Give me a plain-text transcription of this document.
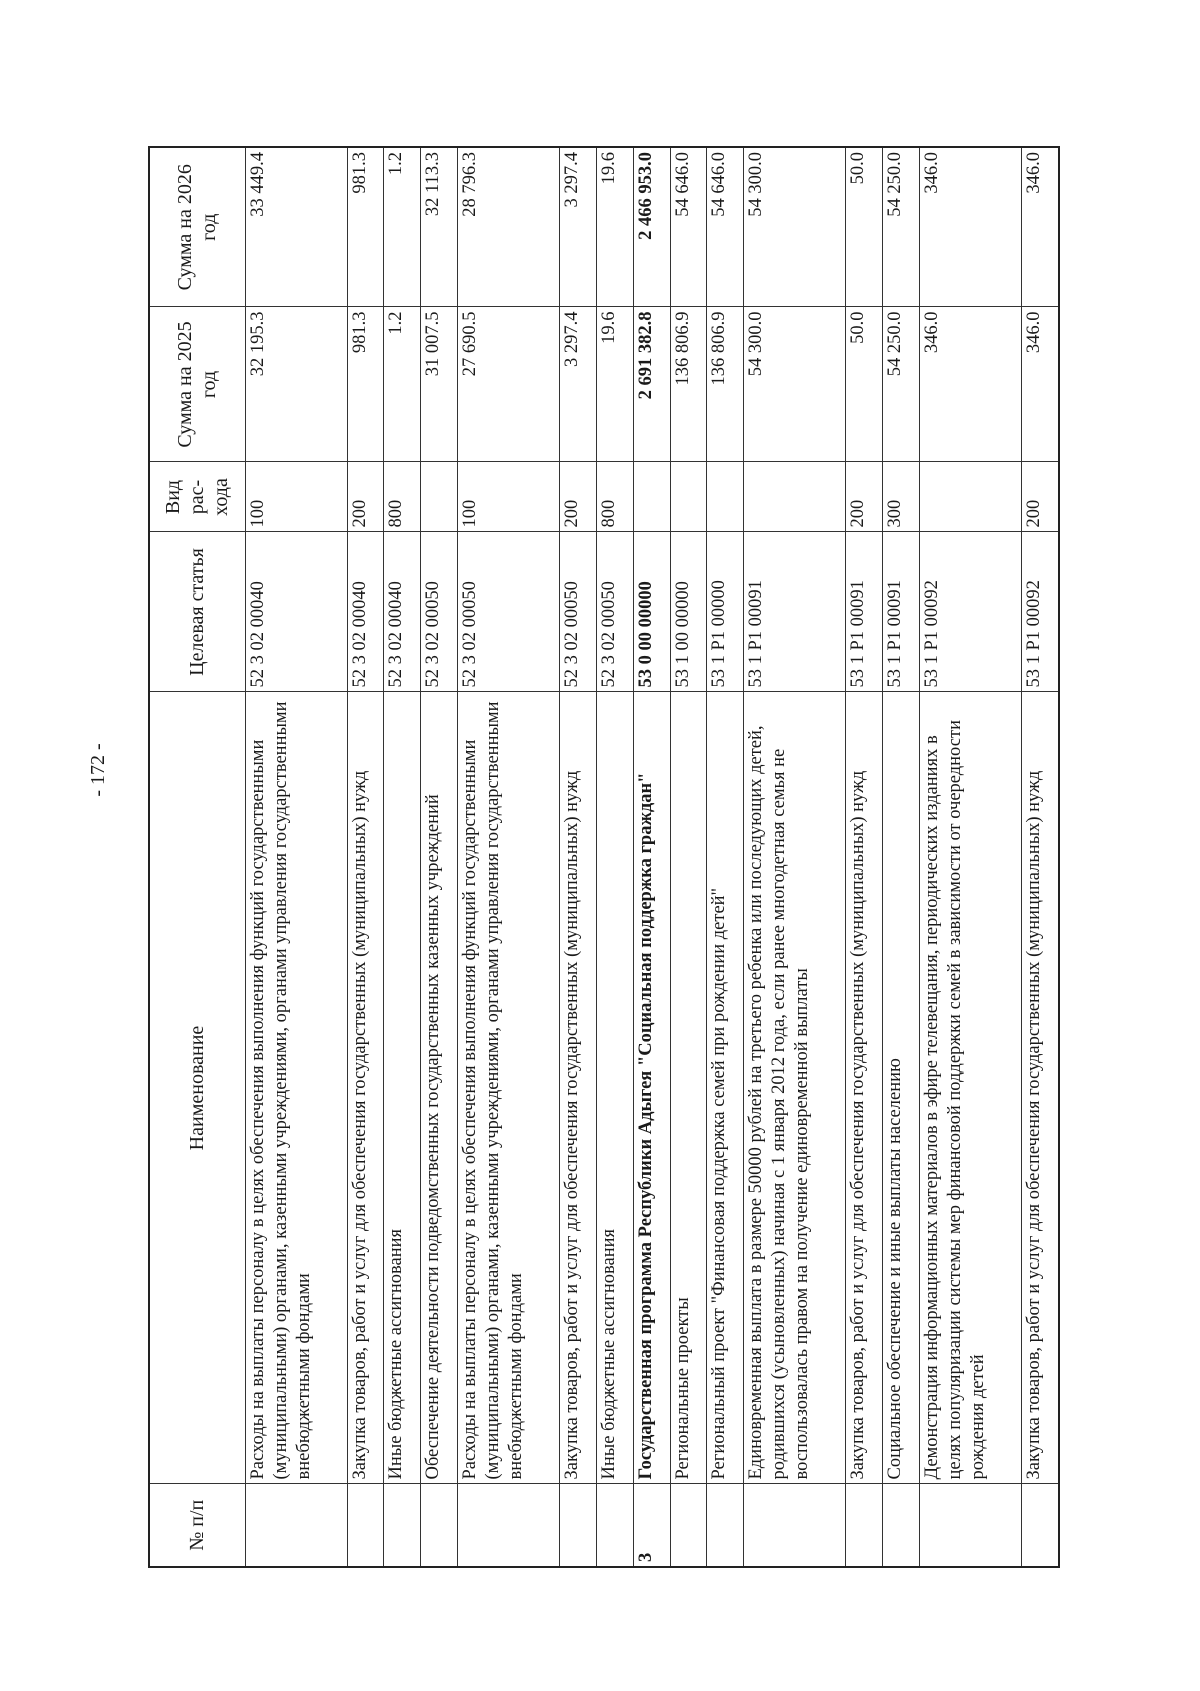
- 172 -
№ п/п	Наименование	Целевая статья	Вид рас-хода	Сумма на 2025 год	Сумма на 2026 год
	Расходы на выплаты персоналу в целях обеспечения выполнения функций государственными (муниципальными) органами, казенными учреждениями, органами управления государственными внебюджетными фондами	52 3 02 00040	100	32 195.3	33 449.4
	Закупка товаров, работ и услуг для обеспечения государственных (муниципальных) нужд	52 3 02 00040	200	981.3	981.3
	Иные бюджетные ассигнования	52 3 02 00040	800	1.2	1.2
	Обеспечение деятельности подведомственных государственных казенных учреждений	52 3 02 00050		31 007.5	32 113.3
	Расходы на выплаты персоналу в целях обеспечения выполнения функций государственными (муниципальными) органами, казенными учреждениями, органами управления государственными внебюджетными фондами	52 3 02 00050	100	27 690.5	28 796.3
	Закупка товаров, работ и услуг для обеспечения государственных (муниципальных) нужд	52 3 02 00050	200	3 297.4	3 297.4
	Иные бюджетные ассигнования	52 3 02 00050	800	19.6	19.6
3	Государственная программа Республики Адыгея "Социальная поддержка граждан"	53 0 00 00000		2 691 382.8	2 466 953.0
	Региональные проекты	53 1 00 00000		136 806.9	54 646.0
	Региональный проект "Финансовая поддержка семей при рождении детей"	53 1 Р1 00000		136 806.9	54 646.0
	Единовременная выплата в размере 50000 рублей на третьего ребенка или последующих детей, родившихся (усыновленных) начиная с 1 января 2012 года, если ранее многодетная семья не воспользовалась правом на получение единовременной выплаты	53 1 Р1 00091		54 300.0	54 300.0
	Закупка товаров, работ и услуг для обеспечения государственных (муниципальных) нужд	53 1 Р1 00091	200	50.0	50.0
	Социальное обеспечение и иные выплаты населению	53 1 Р1 00091	300	54 250.0	54 250.0
	Демонстрация информационных материалов в эфире телевещания, периодических изданиях в целях популяризации системы мер финансовой поддержки семей в зависимости от очередности рождения детей	53 1 Р1 00092		346.0	346.0
	Закупка товаров, работ и услуг для обеспечения государственных (муниципальных) нужд	53 1 Р1 00092	200	346.0	346.0
